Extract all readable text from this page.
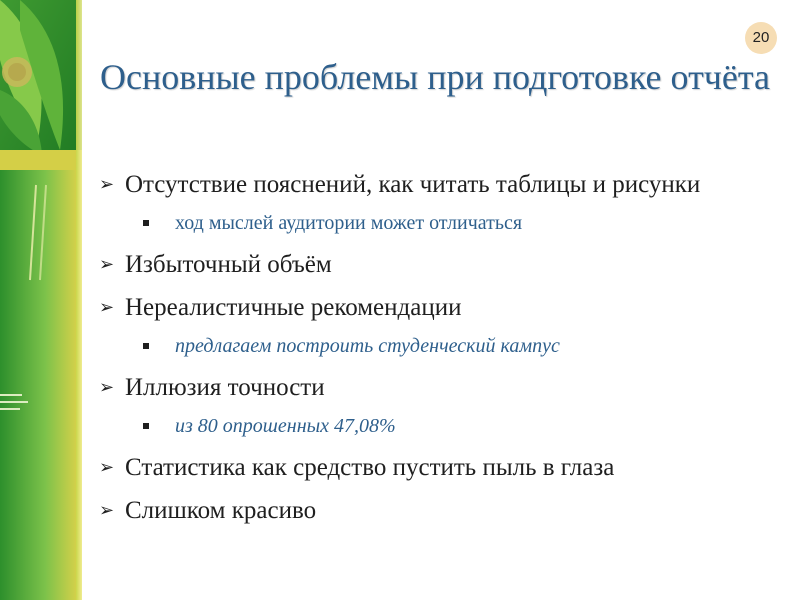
20
Основные проблемы при подготовке отчёта
➢ Отсутствие пояснений, как читать таблицы и рисунки
ход мыслей аудитории может отличаться
➢ Избыточный объём
➢ Нереалистичные рекомендации
предлагаем построить студенческий кампус
➢ Иллюзия точности
из 80 опрошенных 47,08%
➢ Статистика как средство пустить пыль в глаза
➢ Слишком красиво
